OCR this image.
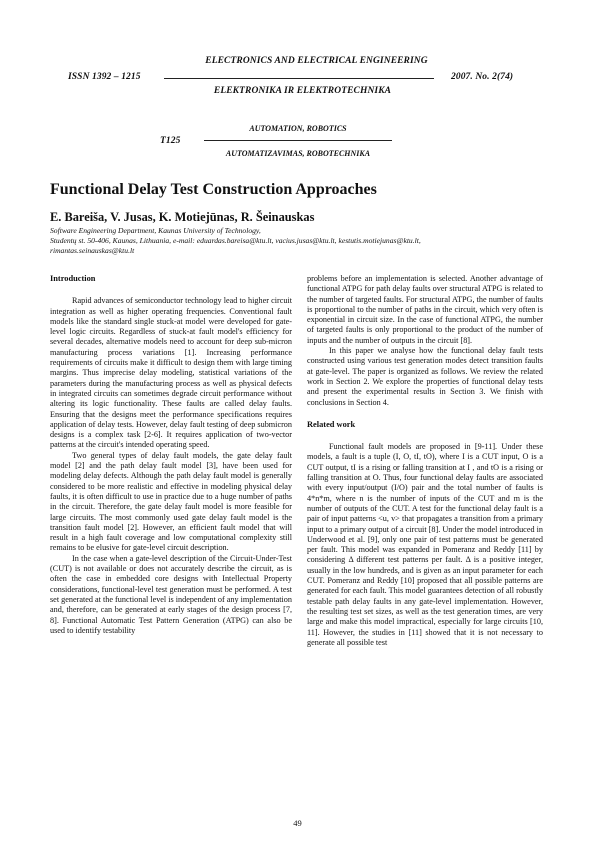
ELECTRONICS AND ELECTRICAL ENGINEERING
ISSN 1392 – 1215	2007. No. 2(74)
ELEKTRONIKA IR ELEKTROTECHNIKA
AUTOMATION, ROBOTICS
T125
AUTOMATIZAVIMAS, ROBOTECHNIKA
Functional Delay Test Construction Approaches
E. Bareiša, V. Jusas, K. Motiejūnas, R. Šeinauskas
Software Engineering Department, Kaunas University of Technology,
Studentų st. 50-406, Kaunas, Lithuania, e-mail: eduardas.bareisa@ktu.lt, vacius.jusas@ktu.lt, kestutis.motiejunas@ktu.lt,
rimantas.seinauskas@ktu.lt
Introduction

Rapid advances of semiconductor technology lead to higher circuit integration as well as higher operating frequencies. Conventional fault models like the standard single stuck-at model were developed for gate-level logic circuits. Regardless of stuck-at fault model's efficiency for several decades, alternative models need to account for deep sub-micron manufacturing process variations [1]. Increasing performance requirements of circuits make it difficult to design them with large timing margins. Thus imprecise delay modeling, statistical variations of the parameters during the manufacturing process as well as physical defects in integrated circuits can sometimes degrade circuit performance without altering its logic functionality. These faults are called delay faults. Ensuring that the designs meet the performance specifications requires application of delay tests. However, delay fault testing of deep submicron designs is a complex task [2-6]. It requires application of two-vector patterns at the circuit's intended operating speed.

Two general types of delay fault models, the gate delay fault model [2] and the path delay fault model [3], have been used for modeling delay defects. Although the path delay fault model is generally considered to be more realistic and effective in modeling physical delay faults, it is often difficult to use in practice due to a huge number of paths in the circuit. Therefore, the gate delay fault model is more feasible for large circuits. The most commonly used gate delay fault model is the transition fault model [2]. However, an efficient fault model that will result in a high fault coverage and low computational complexity still remains to be elusive for gate-level circuit description.

In the case when a gate-level description of the Circuit-Under-Test (CUT) is not available or does not accurately describe the circuit, as is often the case in embedded core designs with Intellectual Property considerations, functional-level test generation must be performed. A test set generated at the functional level is independent of any implementation and, therefore, can be generated at early stages of the design process [7, 8]. Functional Automatic Test Pattern Generation (ATPG) can also be used to identify testability

problems before an implementation is selected. Another advantage of functional ATPG for path delay faults over structural ATPG is related to the number of targeted faults. For structural ATPG, the number of faults is proportional to the number of paths in the circuit, which very often is exponential in circuit size. In the case of functional ATPG, the number of targeted faults is only proportional to the product of the number of inputs and the number of outputs in the circuit [8].

In this paper we analyse how the functional delay fault tests constructed using various test generation modes detect transition faults at gate-level. The paper is organized as follows. We review the related work in Section 2. We explore the properties of functional delay tests and present the experimental results in Section 3. We finish with conclusions in Section 4.

Related work

Functional fault models are proposed in [9-11]. Under these models, a fault is a tuple (I, O, tI, tO), where I is a CUT input, O is a CUT output, tI is a rising or falling transition at I , and tO is a rising or falling transition at O. Thus, four functional delay faults are associated with every input/output (I/O) pair and the total number of faults is 4*n*m, where n is the number of inputs of the CUT and m is the number of outputs of the CUT. A test for the functional delay fault is a pair of input patterns <u, v> that propagates a transition from a primary input to a primary output of a circuit [8]. Under the model introduced in Underwood et al. [9], only one pair of test patterns must be generated per fault. This model was expanded in Pomeranz and Reddy [11] by considering Δ different test patterns per fault. Δ is a positive integer, usually in the low hundreds, and is given as an input parameter for each CUT. Pomeranz and Reddy [10] proposed that all possible patterns are generated for each fault. This model guarantees detection of all robustly testable path delay faults in any gate-level implementation. However, the resulting test set sizes, as well as the test generation times, are very large and make this model impractical, especially for large circuits [10, 11]. However, the studies in [11] showed that it is not necessary to generate all possible test

49
